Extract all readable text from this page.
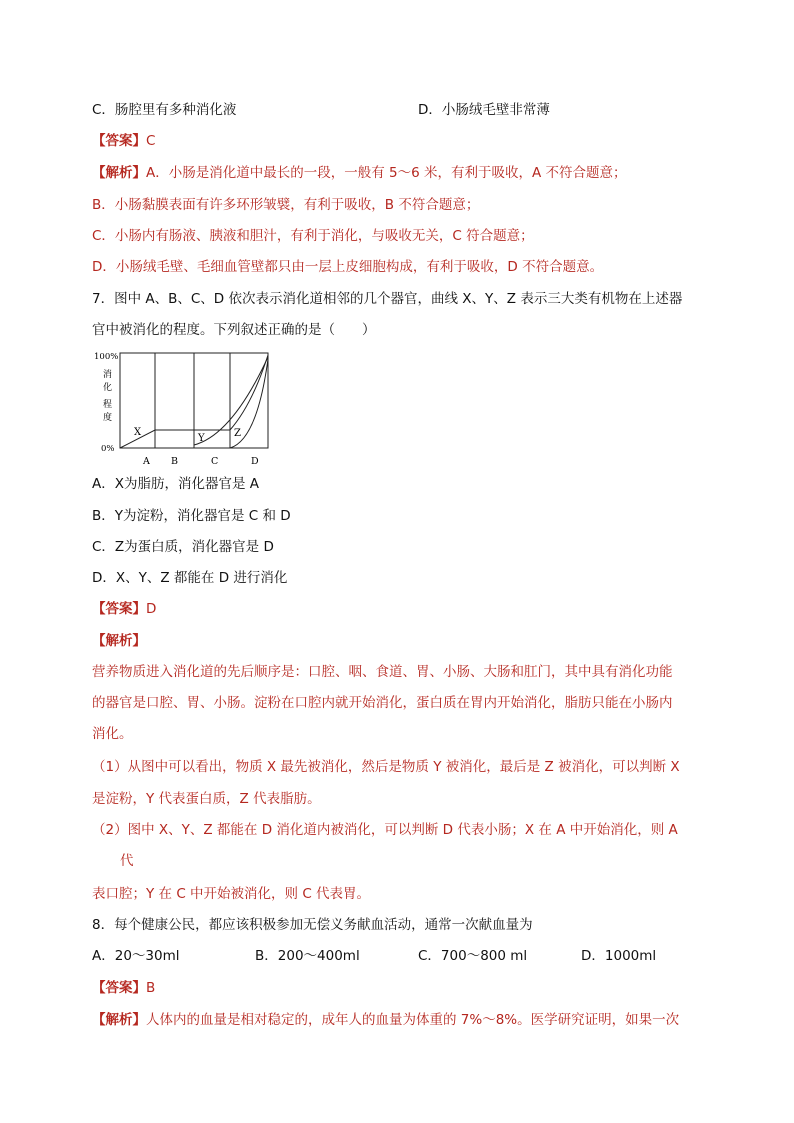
C．肠腔里有多种消化液	D．小肠绒毛壁非常薄
【答案】C
【解析】A．小肠是消化道中最长的一段，一般有 5～6 米，有利于吸收，A 不符合题意；
B．小肠黏膜表面有许多环形皱襞，有利于吸收，B 不符合题意；
C．小肠内有肠液、胰液和胆汁，有利于消化，与吸收无关，C 符合题意；
D．小肠绒毛壁、毛细血管壁都只由一层上皮细胞构成，有利于吸收，D 不符合题意。
7．图中 A、B、C、D 依次表示消化道相邻的几个器官，曲线 X、Y、Z 表示三大类有机物在上述器
官中被消化的程度。下列叙述正确的是（　　）
100%
消
化
程
度
0%
X
Y	Z
A B	C	D
A．X为脂肪，消化器官是 A
B．Y为淀粉，消化器官是 C 和 D
C．Z为蛋白质，消化器官是 D
D．X、Y、Z 都能在 D 进行消化
【答案】D
【解析】
营养物质进入消化道的先后顺序是：口腔、咽、食道、胃、小肠、大肠和肛门，其中具有消化功能
的器官是口腔、胃、小肠。淀粉在口腔内就开始消化，蛋白质在胃内开始消化，脂肪只能在小肠内
消化。
（1）从图中可以看出，物质 X 最先被消化，然后是物质 Y 被消化，最后是 Z 被消化，可以判断 X
是淀粉，Y 代表蛋白质，Z 代表脂肪。
（2）图中 X、Y、Z 都能在 D 消化道内被消化，可以判断 D 代表小肠；X 在 A 中开始消化，则 A
代
表口腔；Y 在 C 中开始被消化，则 C 代表胃。
8．每个健康公民，都应该积极参加无偿义务献血活动，通常一次献血量为
A．20～30ml	B．200～400ml	C．700～800 ml	D．1000ml
【答案】B
【解析】人体内的血量是相对稳定的，成年人的血量为体重的 7%～8%。医学研究证明，如果一次
